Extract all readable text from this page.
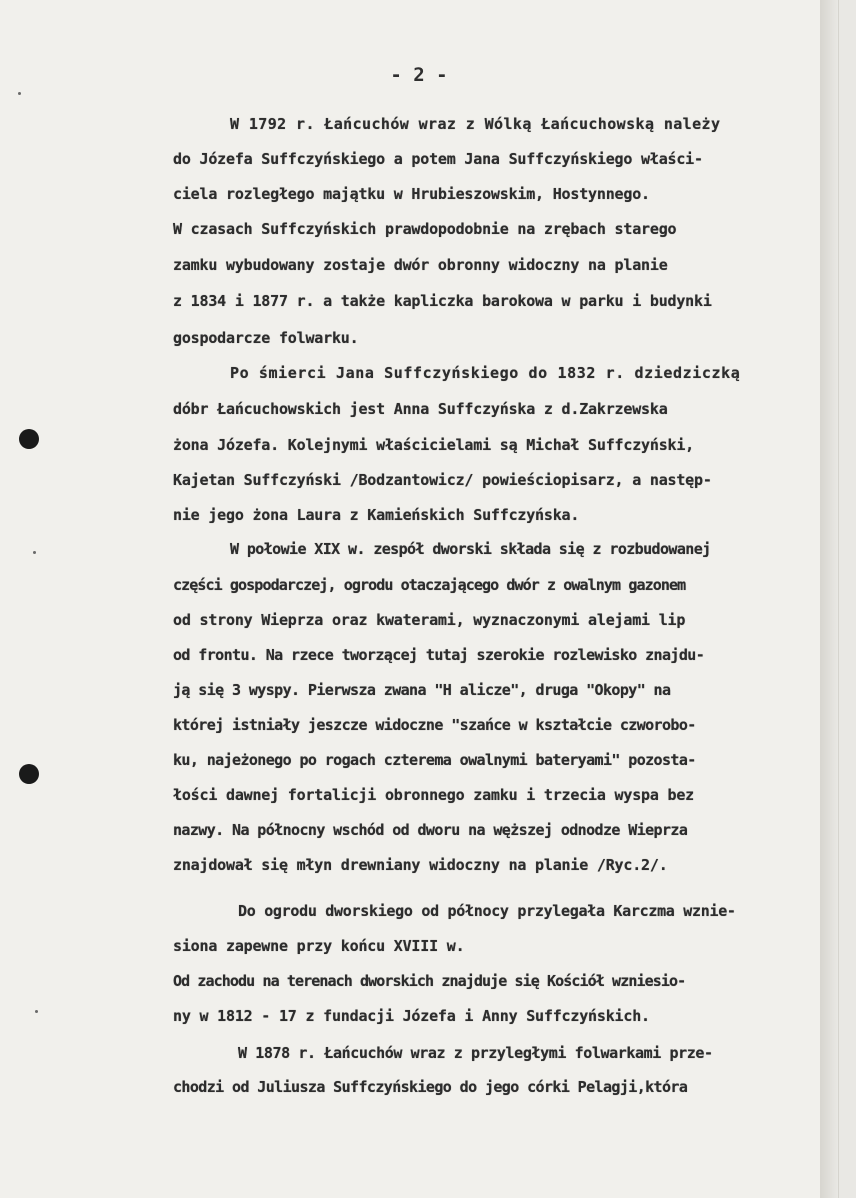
- 2 -
W 1792 r. Łańcuchów wraz z Wólką Łańcuchowską należy
do Józefa Suffczyńskiego a potem Jana Suffczyńskiego właści-
ciela rozległego majątku w Hrubieszowskim, Hostynnego.
W czasach Suffczyńskich prawdopodobnie na zrębach starego
zamku wybudowany zostaje dwór obronny widoczny na planie
z 1834 i 1877 r. a także kapliczka barokowa w parku i budynki
gospodarcze folwarku.
Po śmierci Jana Suffczyńskiego do 1832 r. dziedziczką
dóbr Łańcuchowskich jest Anna Suffczyńska z d.Zakrzewska
żona Józefa. Kolejnymi właścicielami są Michał Suffczyński,
Kajetan Suffczyński /Bodzantowicz/ powieściopisarz, a następ-
nie jego żona Laura z Kamieńskich Suffczyńska.
W połowie XIX w. zespół dworski składa się z rozbudowanej
części gospodarczej, ogrodu otaczającego dwór z owalnym gazonem
od strony Wieprza oraz kwaterami, wyznaczonymi alejami lip
od frontu. Na rzece tworzącej tutaj szerokie rozlewisko znajdu-
ją się 3 wyspy. Pierwsza zwana "H alicze", druga "Okopy" na
której istniały jeszcze widoczne "szańce w kształcie czworobo-
ku, najeżonego po rogach czterema owalnymi bateryami" pozosta-
łości dawnej fortalicji obronnego zamku i trzecia wyspa bez
nazwy. Na północny wschód od dworu na węższej odnodze Wieprza
znajdował się młyn drewniany widoczny na planie /Ryc.2/.
Do ogrodu dworskiego od północy przylegała Karczma wznie-
siona zapewne przy końcu XVIII w.
Od zachodu na terenach dworskich znajduje się Kościół wzniesio-
ny w 1812 - 17 z fundacji Józefa i Anny Suffczyńskich.
W 1878 r. Łańcuchów wraz z przyległymi folwarkami prze-
chodzi od Juliusza Suffczyńskiego do jego córki Pelagji,która
